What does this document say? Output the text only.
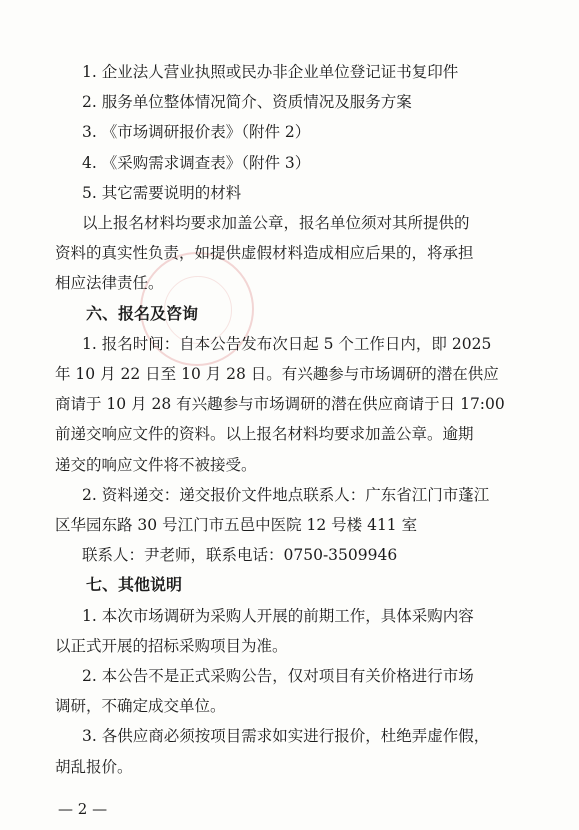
1. 企业法人营业执照或民办非企业单位登记证书复印件
2. 服务单位整体情况简介、资质情况及服务方案
3. 《市场调研报价表》（附件 2）
4. 《采购需求调查表》（附件 3）
5. 其它需要说明的材料
以上报名材料均要求加盖公章，报名单位须对其所提供的
资料的真实性负责，如提供虚假材料造成相应后果的，将承担
相应法律责任。
六、报名及咨询
1. 报名时间：自本公告发布次日起 5 个工作日内，即 2025
年 10 月 22 日至 10 月 28 日。有兴趣参与市场调研的潜在供应
商请于 10 月 28 有兴趣参与市场调研的潜在供应商请于日 17:00
前递交响应文件的资料。以上报名材料均要求加盖公章。逾期
递交的响应文件将不被接受。
2. 资料递交：递交报价文件地点联系人：广东省江门市蓬江
区华园东路 30 号江门市五邑中医院 12 号楼 411 室
联系人：尹老师，联系电话：0750-3509946
七、其他说明
1. 本次市场调研为采购人开展的前期工作，具体采购内容
以正式开展的招标采购项目为准。
2. 本公告不是正式采购公告，仅对项目有关价格进行市场
调研，不确定成交单位。
3. 各供应商必须按项目需求如实进行报价，杜绝弄虚作假，
胡乱报价。
— 2 —
